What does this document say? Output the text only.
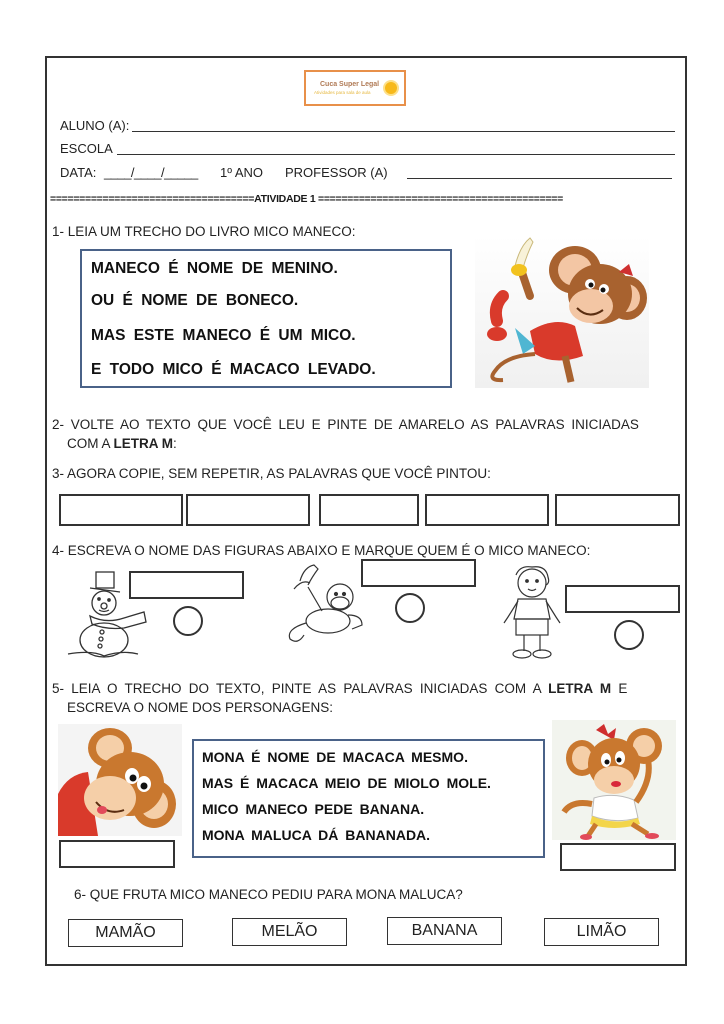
Cuca Super Legal
Atividades para sala de aula
ALUNO (A):
ESCOLA
DATA: ____/____/_____ 1º ANO PROFESSOR (A)
===================================ATIVIDADE 1 ==========================================
1- LEIA UM TRECHO DO LIVRO MICO MANECO:
MANECO É NOME DE MENINO.
OU É NOME DE BONECO.
MAS ESTE MANECO É UM MICO.
E TODO MICO É MACACO LEVADO.
2- VOLTE AO TEXTO QUE VOCÊ LEU E PINTE DE AMARELO AS PALAVRAS INICIADAS
COM A LETRA M:
3- AGORA COPIE, SEM REPETIR, AS PALAVRAS QUE VOCÊ PINTOU:
4- ESCREVA O NOME DAS FIGURAS ABAIXO E MARQUE QUEM É O MICO MANECO:
5- LEIA O TRECHO DO TEXTO, PINTE AS PALAVRAS INICIADAS COM A LETRA M E
ESCREVA O NOME DOS PERSONAGENS:
MONA É NOME DE MACACA MESMO.
MAS É MACACA MEIO DE MIOLO MOLE.
MICO MANECO PEDE BANANA.
MONA MALUCA DÁ BANANADA.
6- QUE FRUTA MICO MANECO PEDIU PARA MONA MALUCA?
MAMÃO	MELÃO	BANANA	LIMÃO
